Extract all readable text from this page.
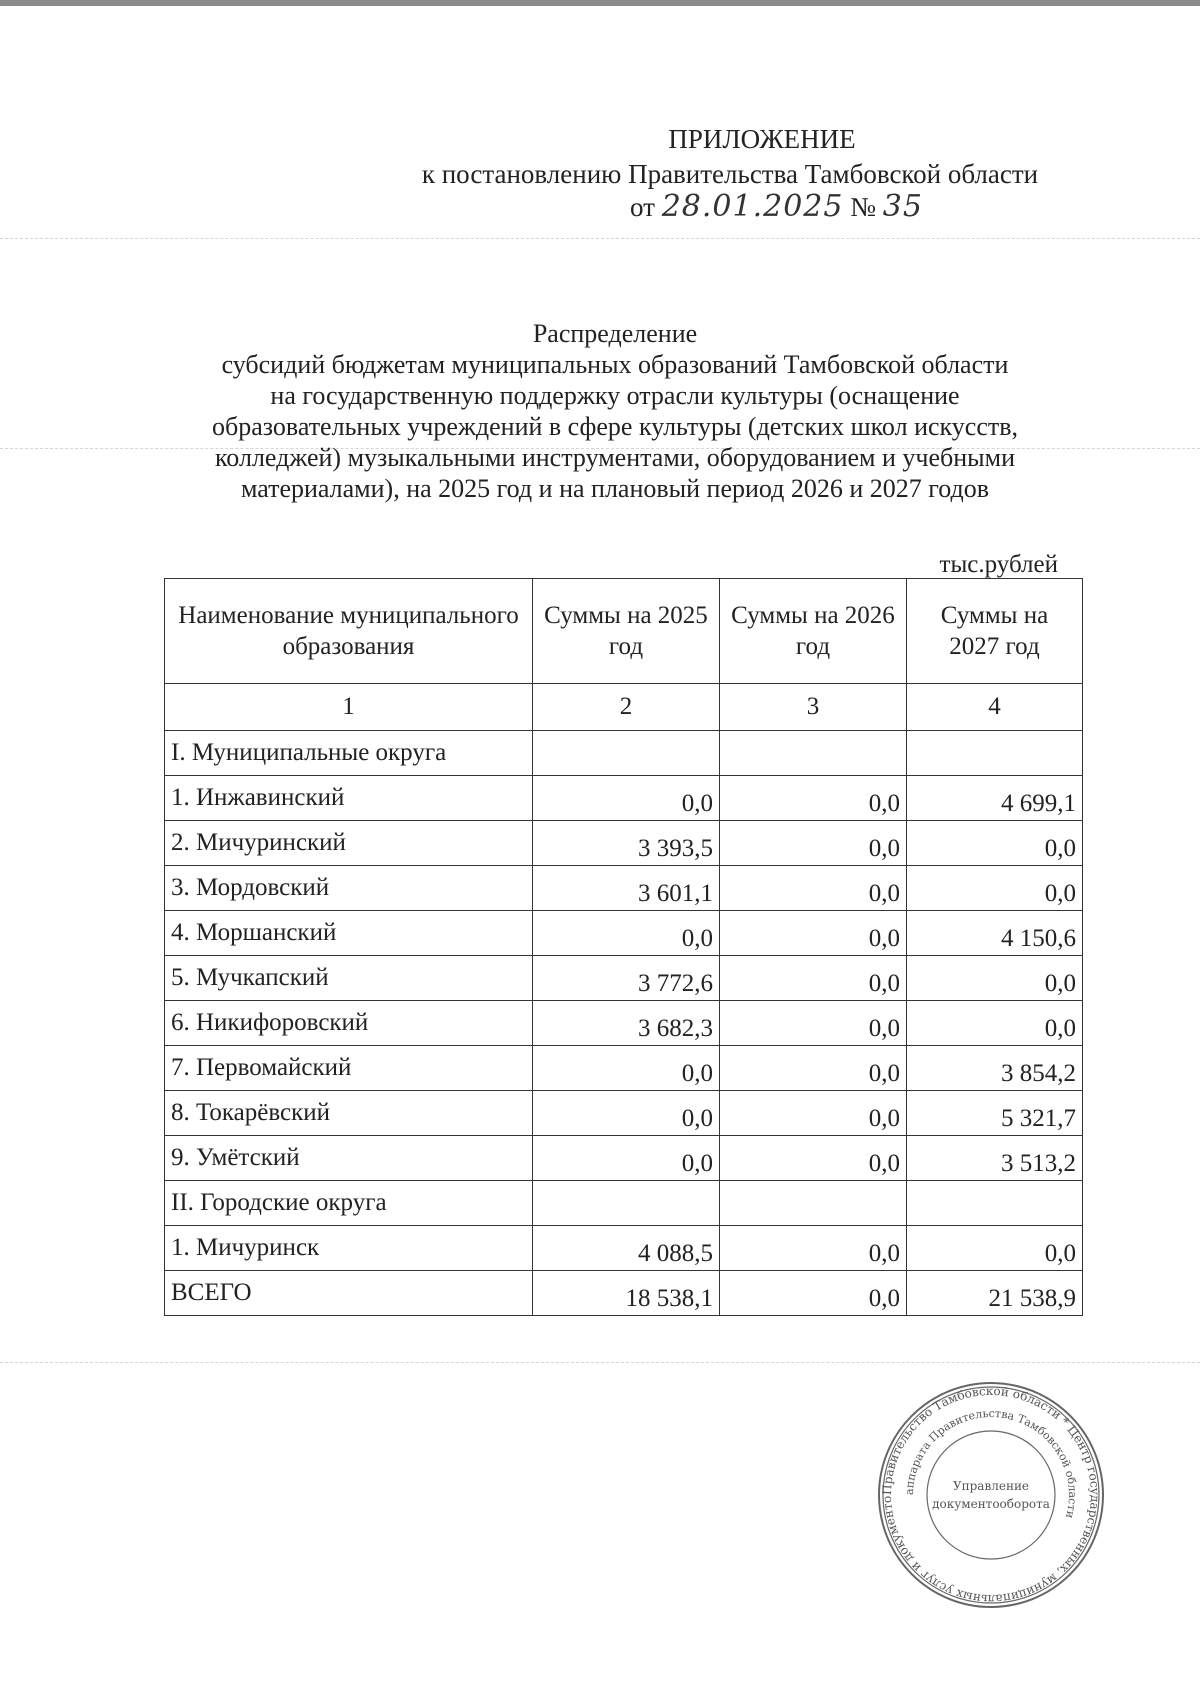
ПРИЛОЖЕНИЕ
к постановлению Правительства Тамбовской области
от 28.01.2025 № 35
Распределение
субсидий бюджетам муниципальных образований Тамбовской области
на государственную поддержку отрасли культуры (оснащение
образовательных учреждений в сфере культуры (детских школ искусств,
колледжей) музыкальными инструментами, оборудованием и учебными
материалами), на 2025 год и на плановый период 2026 и 2027 годов
тыс.рублей
Наименование муниципального образования	Суммы на 2025 год	Суммы на 2026 год	Суммы на 2027 год
1	2	3	4
I. Муниципальные округа			
1. Инжавинский	0,0	0,0	4 699,1
2. Мичуринский	3 393,5	0,0	0,0
3. Мордовский	3 601,1	0,0	0,0
4. Моршанский	0,0	0,0	4 150,6
5. Мучкапский	3 772,6	0,0	0,0
6. Никифоровский	3 682,3	0,0	0,0
7. Первомайский	0,0	0,0	3 854,2
8. Токарёвский	0,0	0,0	5 321,7
9. Умётский	0,0	0,0	3 513,2
II. Городские округа			
1. Мичуринск	4 088,5	0,0	0,0
ВСЕГО	18 538,1	0,0	21 538,9
Правительство Тамбовской области * Центр государственных, муниципальных услуг и документо
аппарата Правительства Тамбовской области
Управление
документооборота
